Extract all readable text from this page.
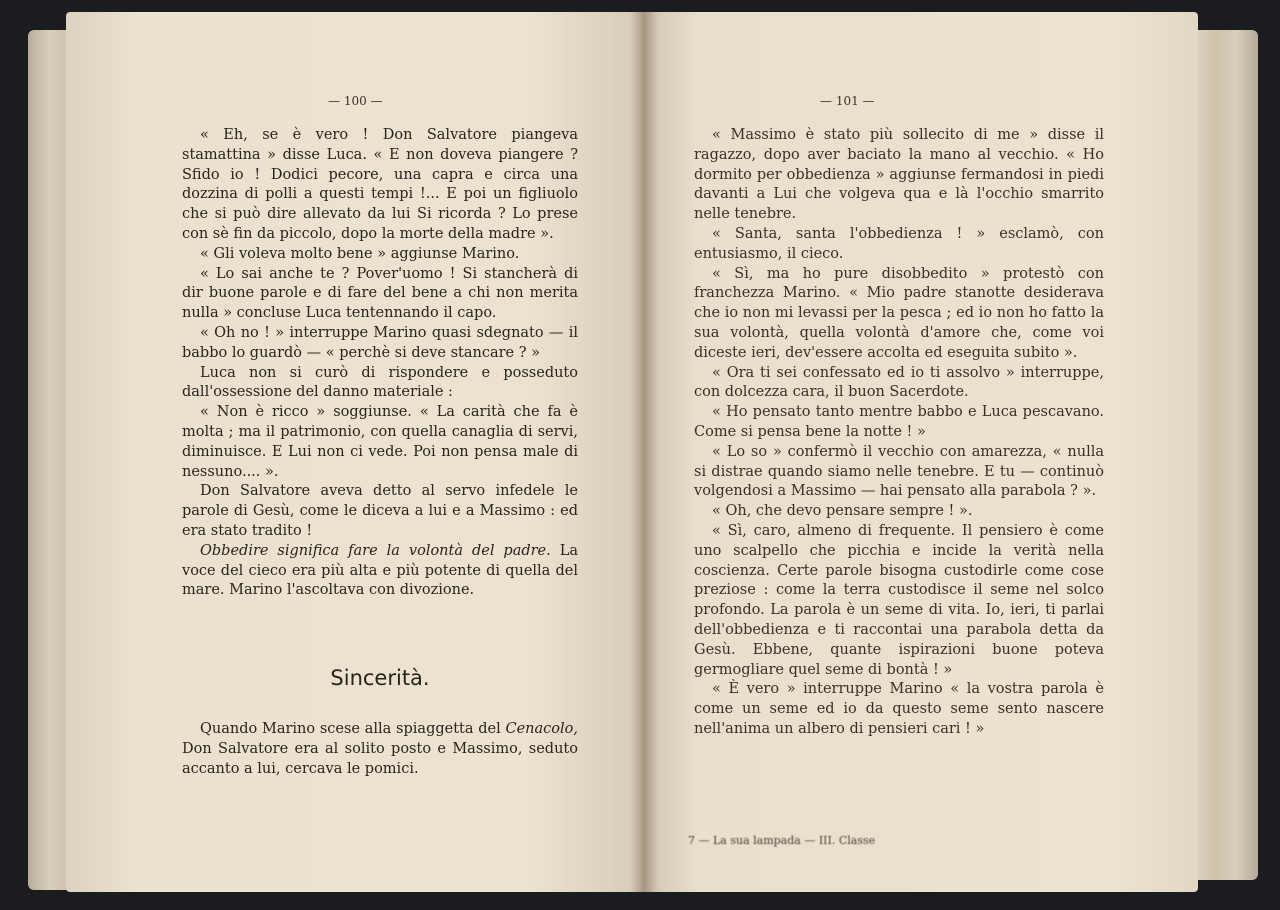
— 100 —

« Eh, se è vero ! Don Salvatore piangeva stamattina » disse Luca. « E non doveva piangere ? Sfido io ! Dodici pecore, una capra e circa una dozzina di polli a questi tempi !... E poi un figliuolo che si può dire allevato da lui Si ricorda ? Lo prese con sè fin da piccolo, dopo la morte della madre ».

« Gli voleva molto bene » aggiunse Marino.

« Lo sai anche te ? Pover'uomo ! Si stancherà di dir buone parole e di fare del bene a chi non merita nulla » concluse Luca tentennando il capo.

« Oh no ! » interruppe Marino quasi sdegnato — il babbo lo guardò — « perchè si deve stancare ? »

Luca non si curò di rispondere e posseduto dall'ossessione del danno materiale :

« Non è ricco » soggiunse. « La carità che fa è molta ; ma il patrimonio, con quella canaglia di servi, diminuisce. E Lui non ci vede. Poi non pensa male di nessuno.... ».

Don Salvatore aveva detto al servo infedele le parole di Gesù, come le diceva a lui e a Massimo : ed era stato tradito !

Obbedire significa fare la volontà del padre. La voce del cieco era più alta e più potente di quella del mare. Marino l'ascoltava con divozione.

Sincerità.

Quando Marino scese alla spiaggetta del Cenacolo, Don Salvatore era al solito posto e Massimo, seduto accanto a lui, cercava le pomici.

— 101 —

« Massimo è stato più sollecito di me » disse il ragazzo, dopo aver baciato la mano al vecchio. « Ho dormito per obbedienza » aggiunse fermandosi in piedi davanti a Lui che volgeva qua e là l'occhio smarrito nelle tenebre.

« Santa, santa l'obbedienza ! » esclamò, con entusiasmo, il cieco.

« Sì, ma ho pure disobbedito » protestò con franchezza Marino. « Mio padre stanotte desiderava che io non mi levassi per la pesca ; ed io non ho fatto la sua volontà, quella volontà d'amore che, come voi diceste ieri, dev'essere accolta ed eseguita subito ».

« Ora ti sei confessato ed io ti assolvo » interruppe, con dolcezza cara, il buon Sacerdote.

« Ho pensato tanto mentre babbo e Luca pescavano. Come si pensa bene la notte ! »

« Lo so » confermò il vecchio con amarezza, « nulla si distrae quando siamo nelle tenebre. E tu — continuò volgendosi a Massimo — hai pensato alla parabola ? ».

« Oh, che devo pensare sempre ! ».

« Sì, caro, almeno di frequente. Il pensiero è come uno scalpello che picchia e incide la verità nella coscienza. Certe parole bisogna custodirle come cose preziose : come la terra custodisce il seme nel solco profondo. La parola è un seme di vita. Io, ieri, ti parlai dell'obbedienza e ti raccontai una parabola detta da Gesù. Ebbene, quante ispirazioni buone poteva germogliare quel seme di bontà ! »

« È vero » interruppe Marino « la vostra parola è come un seme ed io da questo seme sento nascere nell'anima un albero di pensieri cari ! »

7 — La sua lampada — III. Classe
